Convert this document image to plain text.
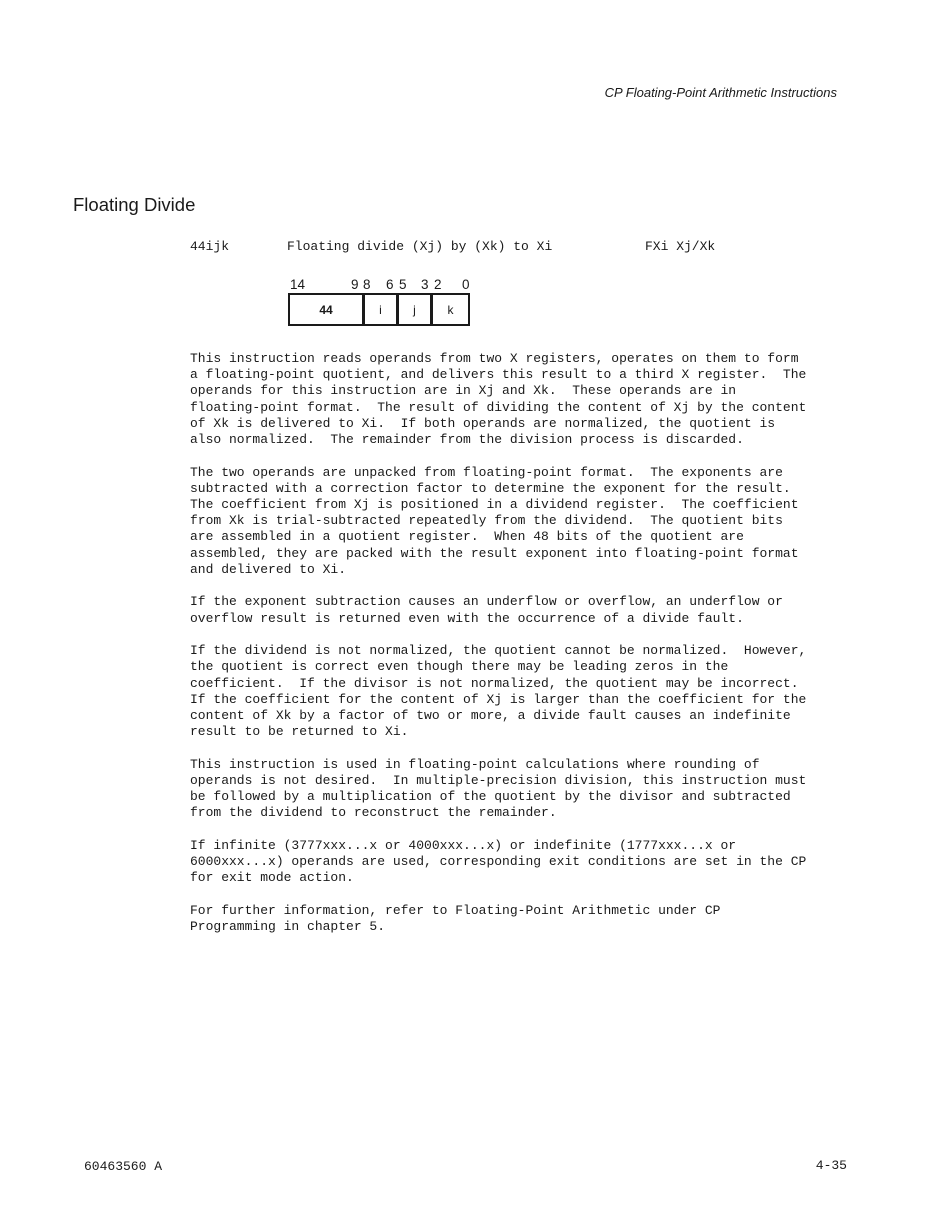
CP Floating-Point Arithmetic Instructions
Floating Divide
44ijk	Floating divide (Xj) by (Xk) to Xi	FXi Xj/Xk
14	9 8 6 5 3 2 0
44	i	j	k

This instruction reads operands from two X registers, operates on them to form
a floating-point quotient, and delivers this result to a third X register.  The
operands for this instruction are in Xj and Xk.  These operands are in
floating-point format.  The result of dividing the content of Xj by the content
of Xk is delivered to Xi.  If both operands are normalized, the quotient is
also normalized.  The remainder from the division process is discarded.

The two operands are unpacked from floating-point format.  The exponents are
subtracted with a correction factor to determine the exponent for the result.
The coefficient from Xj is positioned in a dividend register.  The coefficient
from Xk is trial-subtracted repeatedly from the dividend.  The quotient bits
are assembled in a quotient register.  When 48 bits of the quotient are
assembled, they are packed with the result exponent into floating-point format
and delivered to Xi.

If the exponent subtraction causes an underflow or overflow, an underflow or
overflow result is returned even with the occurrence of a divide fault.

If the dividend is not normalized, the quotient cannot be normalized.  However,
the quotient is correct even though there may be leading zeros in the
coefficient.  If the divisor is not normalized, the quotient may be incorrect.
If the coefficient for the content of Xj is larger than the coefficient for the
content of Xk by a factor of two or more, a divide fault causes an indefinite
result to be returned to Xi.

This instruction is used in floating-point calculations where rounding of
operands is not desired.  In multiple-precision division, this instruction must
be followed by a multiplication of the quotient by the divisor and subtracted
from the dividend to reconstruct the remainder.

If infinite (3777xxx...x or 4000xxx...x) or indefinite (1777xxx...x or
6000xxx...x) operands are used, corresponding exit conditions are set in the CP
for exit mode action.

For further information, refer to Floating-Point Arithmetic under CP
Programming in chapter 5.

60463560 A	4-35
